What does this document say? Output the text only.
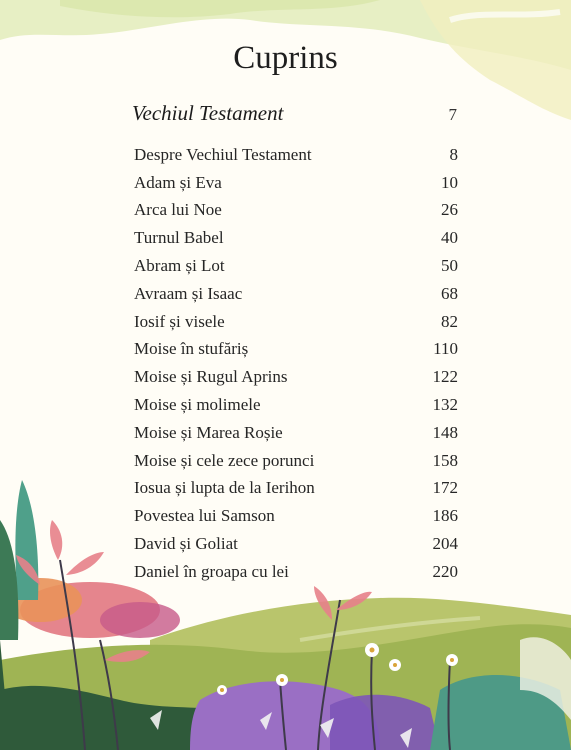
Cuprins
Vechiul Testament	7
Despre Vechiul Testament	8
Adam și Eva	10
Arca lui Noe	26
Turnul Babel	40
Abram și Lot	50
Avraam și Isaac	68
Iosif și visele	82
Moise în stufăriș	110
Moise și Rugul Aprins	122
Moise și molimele	132
Moise și Marea Roșie	148
Moise și cele zece porunci	158
Iosua și lupta de la Ierihon	172
Povestea lui Samson	186
David și Goliat	204
Daniel în groapa cu lei	220
